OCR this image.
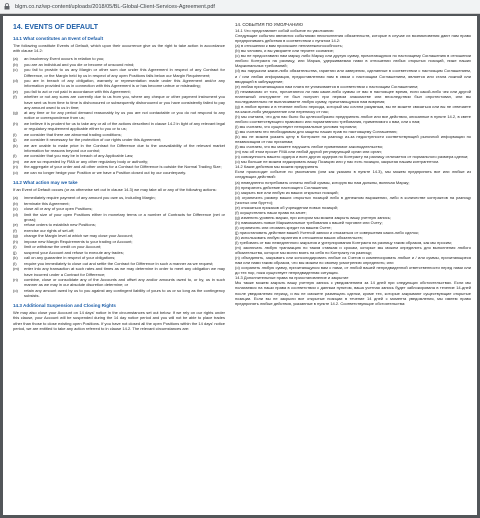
blgm.co.nz/wp-content/uploads/2018/05/BL-Global-Client-Services-Agreement.pdf
14. EVENTS OF DEFAULT
14.1 What constitutes an Event of Default
The following constitute Events of Default, which upon their occurrence give us the right to take action in accordance with clause 14.2:
(a)	an Insolvency Event occurs in relation to you;
(b)	you are an individual and you die or become of unsound mind;
(c)	you fail to provide to us any Margin or other sum due under this Agreement in respect of any Contract for Difference, or the Margin held by us in respect of any open Positions falls below our Margin Requirement;
(d)	you are in breach of any obligation, warranty or representation made under this Agreement and/or any information provided to us in connection with this Agreement is or has become untrue or misleading;
(e)	you fail to act or not paid in accordance with this Agreement;
(f)	whether or not any sums are currently due to us from you, where any cheque or other payment instrument you have sent us from time to time is dishonoured or subsequently dishonoured or you have consistently failed to pay any amount owed to us in time;
(g)	at any time or for any period demand reasonably by us you are not contactable or you do not respond to any notice or correspondence from us;
(h)	we believe it is prudent for us to take any or all of the actions described in clause 14.2 in light of any relevant legal or regulatory requirement applicable either to you or to us;
(i)	we consider that there are abnormal trading conditions;
(j)	we consider it necessary for the protection of our rights under this Agreement;
(k)	we are unable to make price in the Contract for Difference due to the unavailability of the relevant market information for reasons beyond our control;
(l)	we consider that you may be in breach of any Applicable Law;
(m)	we are so requested by FMA or any other regulatory body or authority;
(n)	the aggregate of your order and all other orders for a Contract for Difference is outside the Normal Trading Size;
(o)	we can no longer hedge your Position or we have a Position closed out by our counterparty.
14.2 What action may we take
If an Event of Default occurs (or as otherwise set out in clause 14.3) we may take all or any of the following actions:
(a)	immediately require payment of any amount you owe us, including Margin;
(b)	terminate this Agreement;
(c)	close all or any of your open Positions;
(d)	limit the size of your open Positions either in monetary terms or a number of Contracts for Difference (net or gross);
(e)	refuse orders to establish new Positions;
(f)	exercise our rights of set-off;
(g)	change the Margin level at which we may close your Account;
(h)	impose new Margin Requirements to your trading or Account;
(i)	limit or withdraw the credit on your Account;
(j)	suspend your Account and refuse to execute any trades;
(k)	call on any guarantee in respect of your obligations;
(l)	require you immediately to close out and settle the Contract for Difference in such a manner as we request;
(m)	enter into any transaction at such rates and times as we may determine in order to meet any obligation we may have incurred under a Contract for Difference;
(n)	combine, close or consolidate any of the Accounts and offset any and/or amounts owed to, or by, us in such manner as we may in our absolute discretion determine; or
(o)	retain any amount owed by us to you against any contingent liability of yours to us or so long as the contingency subsists.
14.3 Additional Suspension and Closing Rights
We may also close your Account on 14 days' notice in the circumstances set out below. If we rely on our rights under this clause, your Account will be suspended during the 14 day notice period and you will not be able to place trades other than those to close existing open Positions. If you have not closed all the open Positions within the 14 days' notice period, we are entitled to take any action referred to in clause 14.2. The relevant circumstances are:
14. СОБЫТИЯ ПО УМОЛЧАНИЮ
14.1 Что представляет собой событие по умолчанию
Следующие события являются событиями неисполнения обязательств, которые в случае их возникновения дают нам право предпринимать действия в соответствии с пунктом 14.2:
(a) в отношении к вам произошел неплатежеспособность;
(b) вы человек, и вы умираете или теряете сознание;
(c) вы не предоставили нам маржу либо Маржу или другую сумму, причитающуюся по настоящему Соглашению в отношении любого Контракта на разницу, или Маржа, удерживаемая нами в отношении любых открытых позиций, ниже наших Маржинальных требований;
(d) вы нарушили какие-либо обязательства, гарантии или заверения, сделанные в соответствии с настоящим Соглашением, и / или любая информация, предоставленная нам в связи с настоящим Соглашением, является или стала ложной или вводящей в заблуждение;
(e) любая причитающаяся нам плата не уплачивается в соответствии с настоящим Соглашением;
(f) независимо от того, причитаются ли нам какие-либо суммы от вас в настоящее время, если какой-либо чек или другой платежный инструмент не был получен при первом знакомстве или впоследствии был опротестован, или вы последовательно не выплачиваете любую сумму, причитающуюся нам вовремя;
(g) в любое время и в течение любого периода, который мы сочтем разумным, вы не можете связаться или вы не отвечаете на какое-либо уведомление или переписку от нас;
(h) мы считаем, что для нас было бы целесообразно предпринять любое или все действия, описанные в пункте 14.2, в свете любого соответствующего правового или нормативного требования, применимого к вам, или к нам;
(i) мы считаем, что существуют ненормальные условия торговли;
(j) мы считаем это необходимым для защиты наших прав по настоящему Соглашению;
(k) мы не можем указать цену в Контракте на разницу из-за недоступности соответствующей рыночной информации по независящим от нас причинам;
(l) мы считаем, что вы можете нарушить любое применимое законодательство;
(m) нас об этом просит FMA или любой другой регулирующий орган или орган;
(n) совокупность вашего ордера и всех других ордеров по Контракту на разницу отличается от нормального размера сделки;
(o) мы больше не можем хеджировать вашу Позицию или у нас есть позиция, закрытая нашим контрагентом.
14.2 Какие действия мы можем предпринять
Если происходит событие по умолчанию (или как указано в пункте 14.3), мы можем предпринять все или любые из следующих действий:
(a) немедленно потребовать оплаты любой суммы, которую вы нам должны, включая Маржу;
(b) прекратить действие настоящего Соглашения;
(c) закрыть все или любую из ваших открытых позиций;
(d) ограничить размер ваших открытых позиций либо в денежном выражении, либо в количестве контрактов на разницу (чистых или брутто);
(e) отказаться приказов об учреждении новых позиций;
(f) осуществлять наши права на зачет;
(g) изменить уровень маржи, при котором мы можем закрыть вашу учетную запись;
(h) навязывать новые Маржинальные требования к вашей торговле или Счету;
(i) ограничить или отозвать кредит на вашем Счете;
(j) приостановить действие вашей Учетной записи и отказаться от совершения каких-либо сделок;
(k) использовать любую гарантию в отношении ваших обязательств;
(l) требовать от вас немедленного закрытия и урегулирования Контракта на разницу таким образом, как мы просим;
(m) заключать любую транзакцию по таким ставкам и срокам, которые мы можем определить для выполнения любого обязательства, которое мы могли взять на себя по Контракту на разницу;
(n) объединять, закрывать или консолидировать любые из Счетов и компенсировать любые и / или суммы, причитающиеся нам или нами таким образом, что мы можем по своему усмотрению определить; или
(o) сохранить любую сумму, причитающуюся вам с нами, от любой вашей непредвиденной ответственности перед нами или до тех пор, пока существует непредвиденная ситуация.
14.3 Дополнительные права на приостановление и закрытие
Мы также можем закрыть вашу учетную запись с уведомлением за 14 дней при следующих обстоятельствах. Если мы полагаемся на наши права в соответствии с данным пунктом, ваша учетная запись будет заблокирована в течение 14-дней после уведомления период, и вы не сможете размещать сделки, кроме тех, которые закрывают существующие открытые позиции. Если вы не закрыли все открытые позиции в течение 14 дней с момента уведомления, мы имеем право предпринять любые действия, указанные в пункте 14.2. Соответствующие обстоятельства:
